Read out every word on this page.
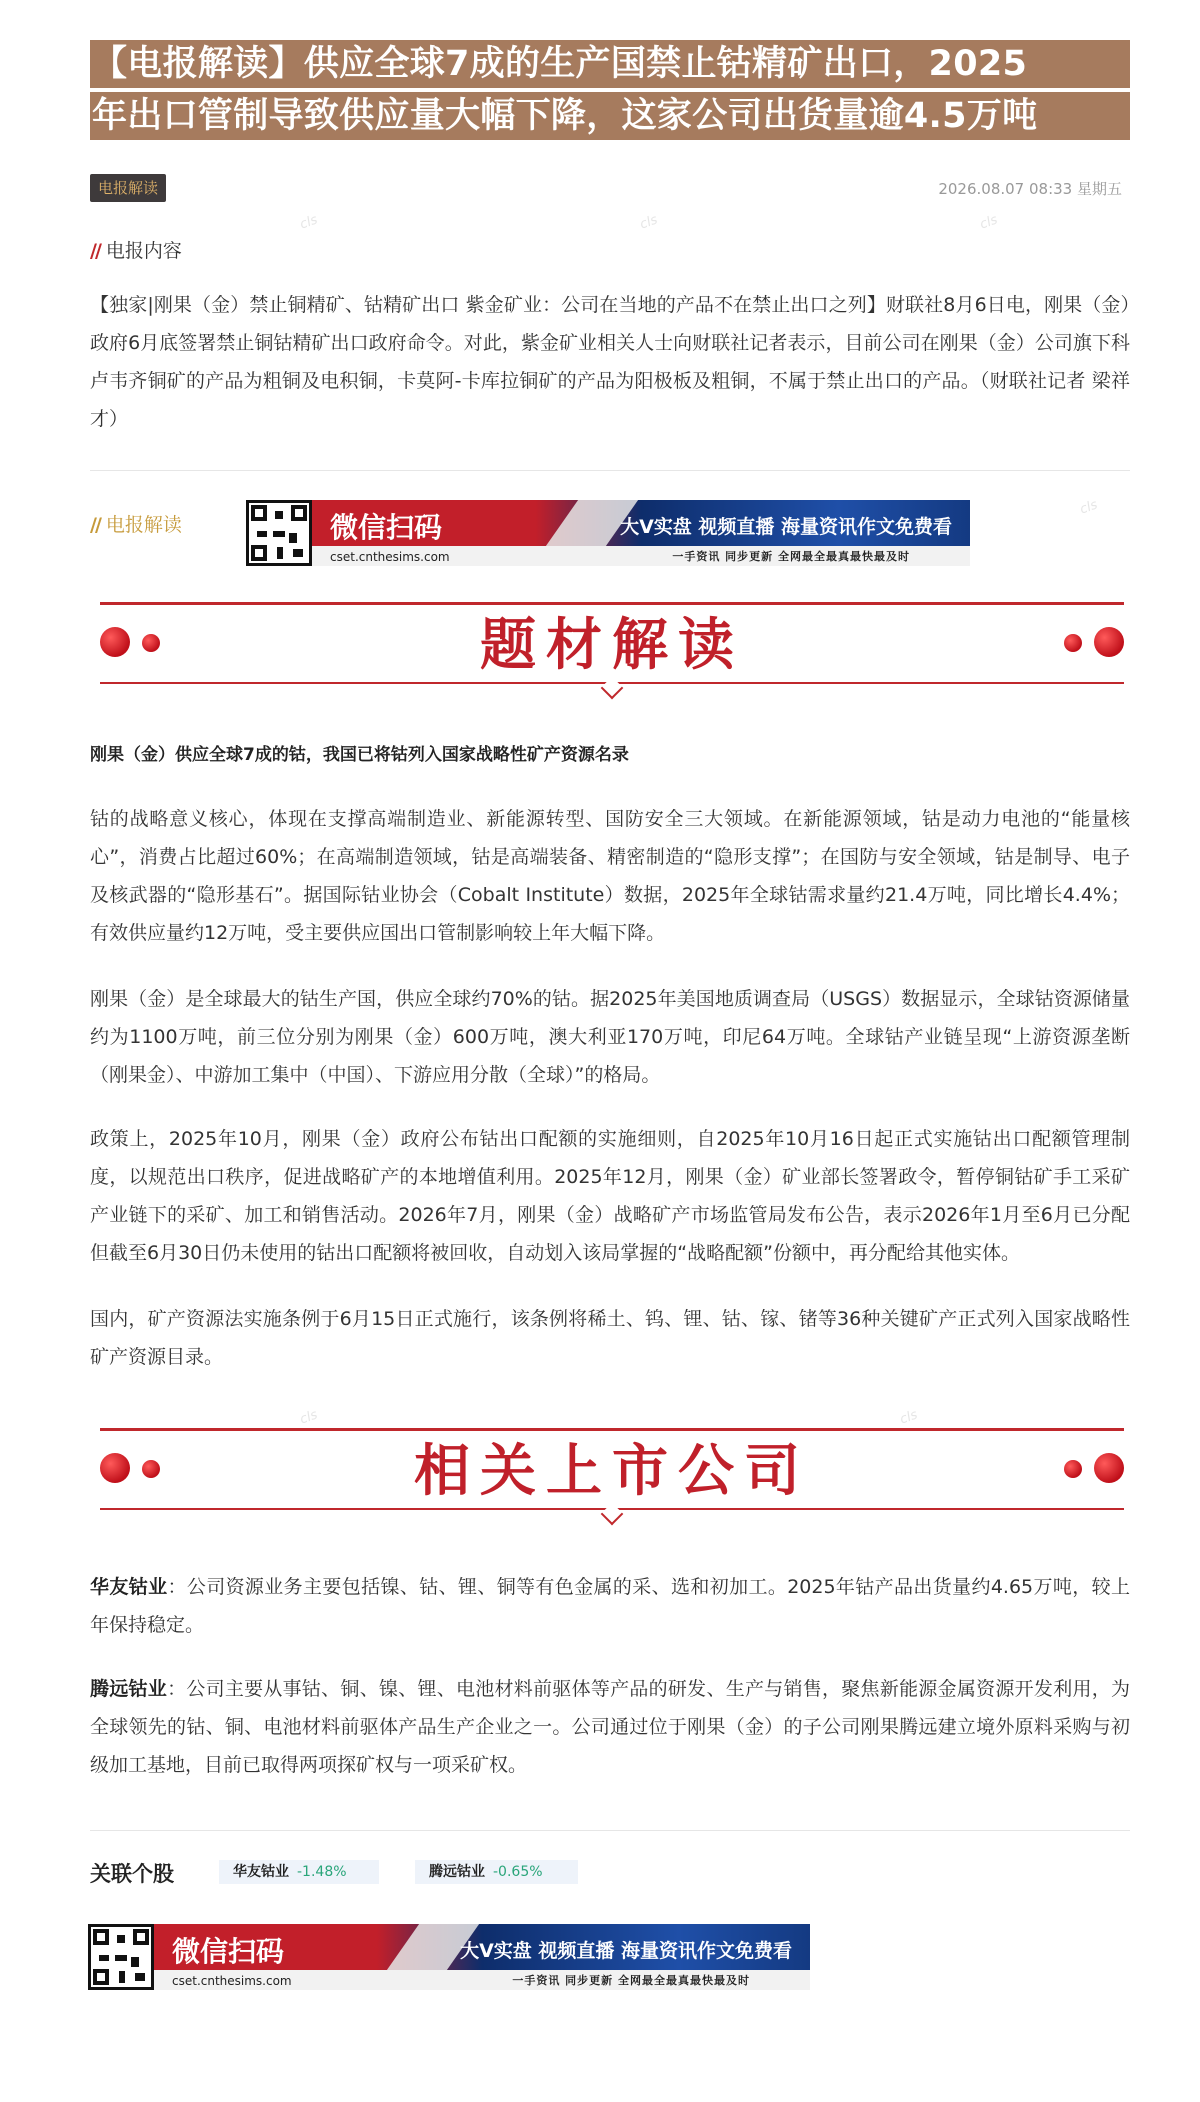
cls	cls	cls
cls
cls	cls
【电报解读】供应全球7成的生产国禁止钴精矿出口，2025
年出口管制导致供应量大幅下降，这家公司出货量逾4.5万吨
电报解读	2026.08.07 08:33 星期五
// 电报内容

【独家|刚果（金）禁止铜精矿、钴精矿出口 紫金矿业：公司在当地的产品不在禁止出口之列】财联社8月6日电，刚果（金）政府6月底签署禁止铜钴精矿出口政府命令。对此，紫金矿业相关人士向财联社记者表示，目前公司在刚果（金）公司旗下科卢韦齐铜矿的产品为粗铜及电积铜，卡莫阿-卡库拉铜矿的产品为阳极板及粗铜，不属于禁止出口的产品。（财联社记者 梁祥才）

// 电报解读	微信扫码	大V实盘 视频直播 海量资讯作文免费看
cset.cnthesims.com	一手资讯 同步更新 全网最全最真最快最及时
题材解读
刚果（金）供应全球7成的钴，我国已将钴列入国家战略性矿产资源名录

钴的战略意义核心，体现在支撑高端制造业、新能源转型、国防安全三大领域。在新能源领域，钴是动力电池的“能量核心”，消费占比超过60%；在高端制造领域，钴是高端装备、精密制造的“隐形支撑”；在国防与安全领域，钴是制导、电子及核武器的“隐形基石”。据国际钴业协会（Cobalt Institute）数据，2025年全球钴需求量约21.4万吨，同比增长4.4%；有效供应量约12万吨，受主要供应国出口管制影响较上年大幅下降。

刚果（金）是全球最大的钴生产国，供应全球约70%的钴。据2025年美国地质调查局（USGS）数据显示，全球钴资源储量约为1100万吨，前三位分别为刚果（金）600万吨，澳大利亚170万吨，印尼64万吨。全球钴产业链呈现“上游资源垄断（刚果金）、中游加工集中（中国）、下游应用分散（全球）”的格局。

政策上，2025年10月，刚果（金）政府公布钴出口配额的实施细则，自2025年10月16日起正式实施钴出口配额管理制度，以规范出口秩序，促进战略矿产的本地增值利用。2025年12月，刚果（金）矿业部长签署政令，暂停铜钴矿手工采矿产业链下的采矿、加工和销售活动。2026年7月，刚果（金）战略矿产市场监管局发布公告，表示2026年1月至6月已分配但截至6月30日仍未使用的钴出口配额将被回收，自动划入该局掌握的“战略配额”份额中，再分配给其他实体。

国内，矿产资源法实施条例于6月15日正式施行，该条例将稀土、钨、锂、钴、镓、锗等36种关键矿产正式列入国家战略性矿产资源目录。

相关上市公司

华友钴业：公司资源业务主要包括镍、钴、锂、铜等有色金属的采、选和初加工。2025年钴产品出货量约4.65万吨，较上年保持稳定。

腾远钴业：公司主要从事钴、铜、镍、锂、电池材料前驱体等产品的研发、生产与销售，聚焦新能源金属资源开发利用，为全球领先的钴、铜、电池材料前驱体产品生产企业之一。公司通过位于刚果（金）的子公司刚果腾远建立境外原料采购与初级加工基地，目前已取得两项探矿权与一项采矿权。

关联个股	华友钴业 -1.48%	腾远钴业 -0.65%
微信扫码	大V实盘 视频直播 海量资讯作文免费看
cset.cnthesims.com	一手资讯 同步更新 全网最全最真最快最及时
